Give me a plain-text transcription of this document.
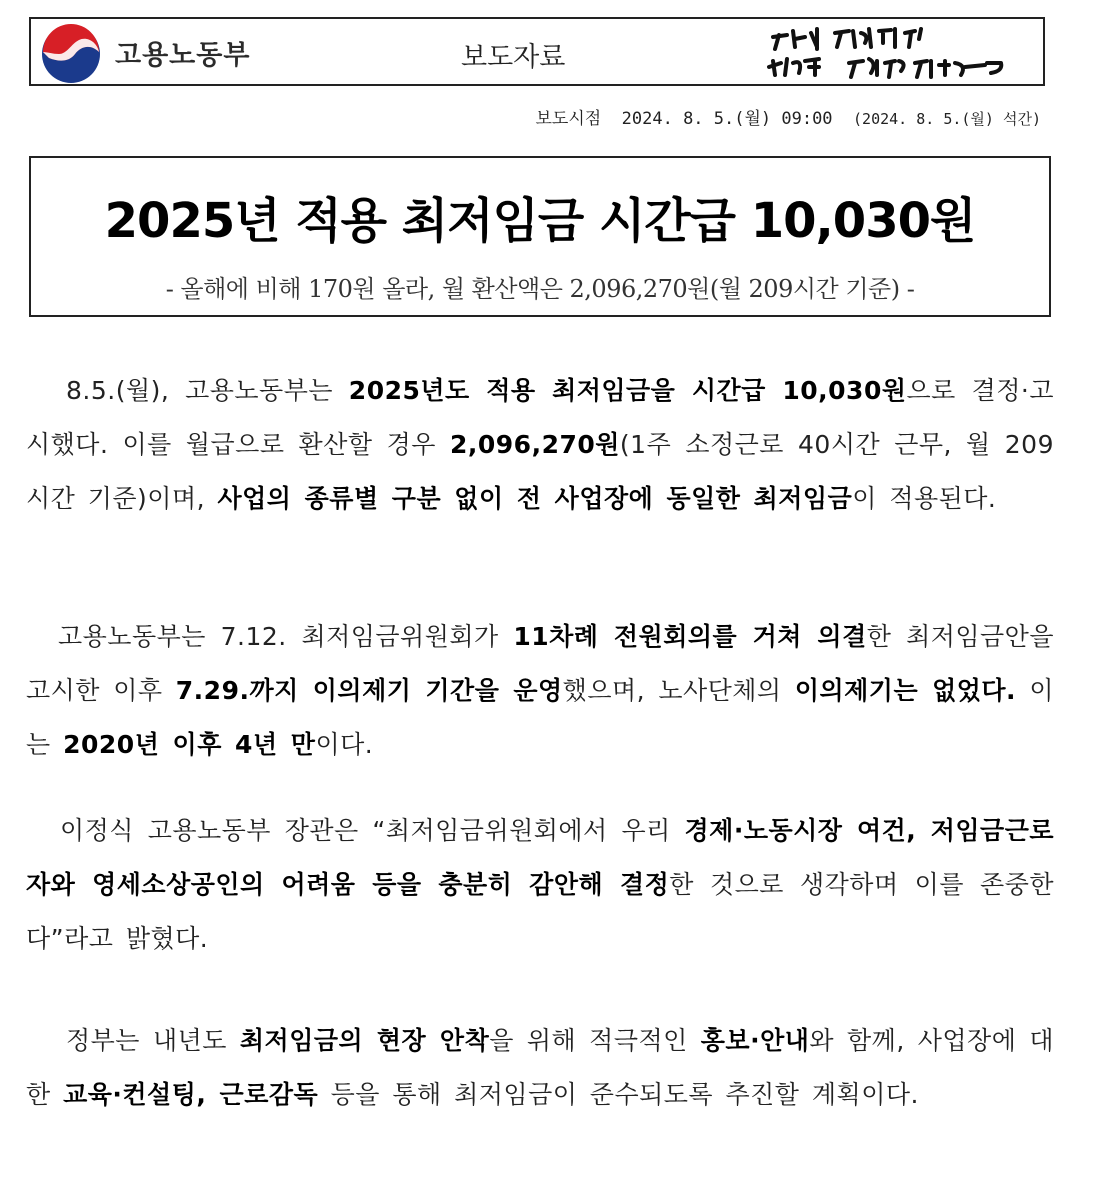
고용노동부	보도자료
보도시점 2024. 8. 5.(월) 09:00 (2024. 8. 5.(월) 석간)
2025년 적용 최저임금 시간급 10,030원
- 올해에 비해 170원 올라, 월 환산액은 2,096,270원(월 209시간 기준) -
8.5.(월), 고용노동부는 2025년도 적용 최저임금을 시간급 10,030원으로 결정·고시했다. 이를 월급으로 환산할 경우 2,096,270원(1주 소정근로 40시간 근무, 월 209시간 기준)이며, 사업의 종류별 구분 없이 전 사업장에 동일한 최저임금이 적용된다.
고용노동부는 7.12. 최저임금위원회가 11차례 전원회의를 거쳐 의결한 최저임금안을 고시한 이후 7.29.까지 이의제기 기간을 운영했으며, 노사단체의 이의제기는 없었다. 이는 2020년 이후 4년 만이다.
이정식 고용노동부 장관은 “최저임금위원회에서 우리 경제·노동시장 여건, 저임금근로자와 영세소상공인의 어려움 등을 충분히 감안해 결정한 것으로 생각하며 이를 존중한다”라고 밝혔다.
정부는 내년도 최저임금의 현장 안착을 위해 적극적인 홍보·안내와 함께, 사업장에 대한 교육·컨설팅, 근로감독 등을 통해 최저임금이 준수되도록 추진할 계획이다.
